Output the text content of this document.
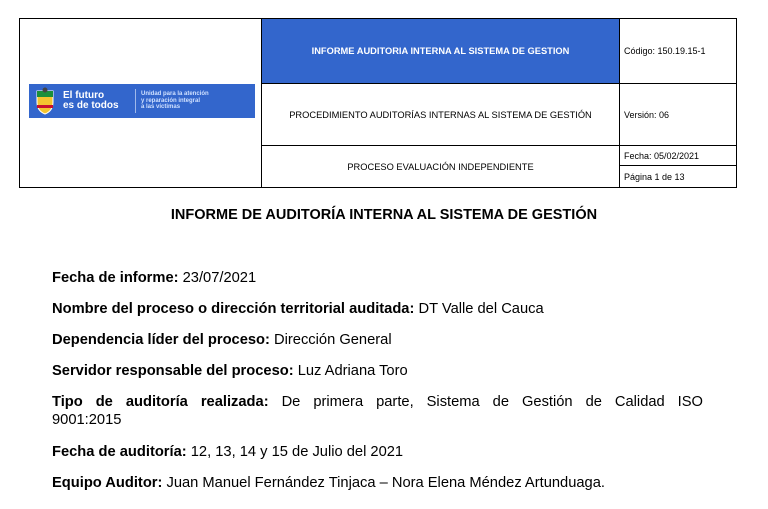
El futuro
es de todos
Unidad para la atención
y reparación integral
a las víctimas
INFORME AUDITORIA INTERNA AL SISTEMA DE GESTION
PROCEDIMIENTO AUDITORÍAS INTERNAS AL SISTEMA DE GESTIÓN
PROCESO EVALUACIÓN INDEPENDIENTE
Código: 150.19.15-1
Versión: 06
Fecha: 05/02/2021
Página 1 de 13
INFORME DE AUDITORÍA INTERNA AL SISTEMA DE GESTIÓN
Fecha de informe: 23/07/2021
Nombre del proceso o dirección territorial auditada: DT Valle del Cauca
Dependencia líder del proceso: Dirección General
Servidor responsable del proceso: Luz Adriana Toro
Tipo de auditoría realizada: De primera parte, Sistema de Gestión de Calidad ISO
9001:2015
Fecha de auditoría: 12, 13, 14 y 15 de Julio del 2021
Equipo Auditor: Juan Manuel Fernández Tinjaca – Nora Elena Méndez Artunduaga.
